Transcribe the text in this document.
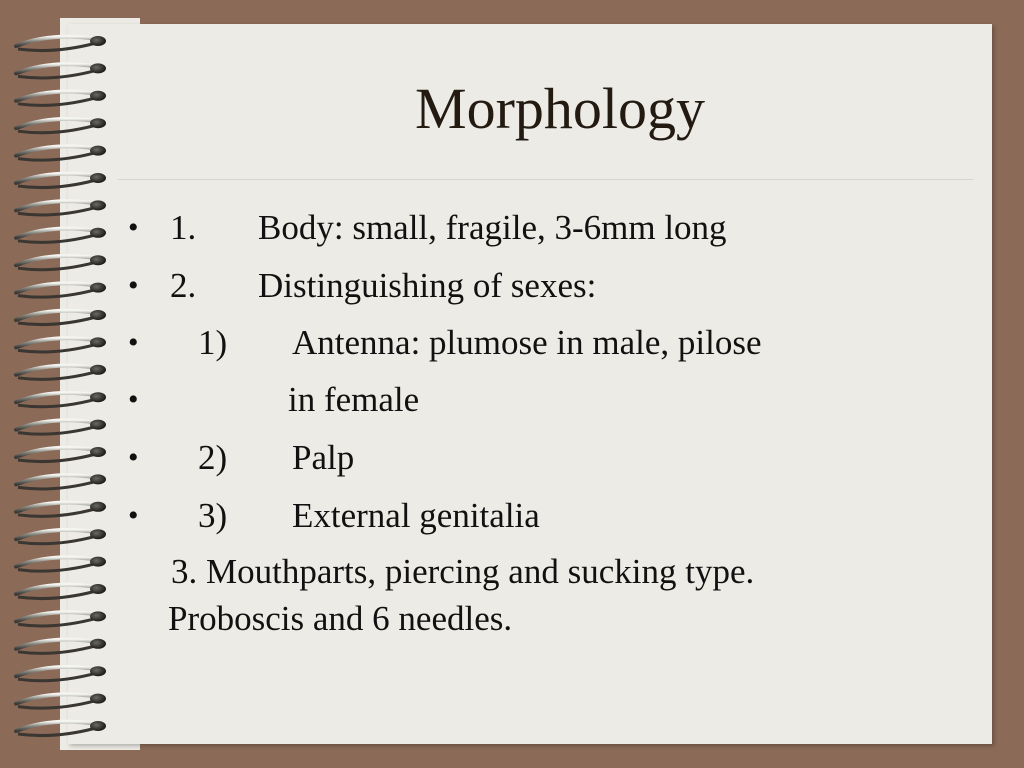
Morphology
• 1. Body: small, fragile, 3-6mm long
• 2. Distinguishing of sexes:
• 1) Antenna: plumose in male, pilose
•	in female
• 2) Palp
• 3) External genitalia
3. Mouthparts, piercing and sucking type.
Proboscis and 6 needles.
